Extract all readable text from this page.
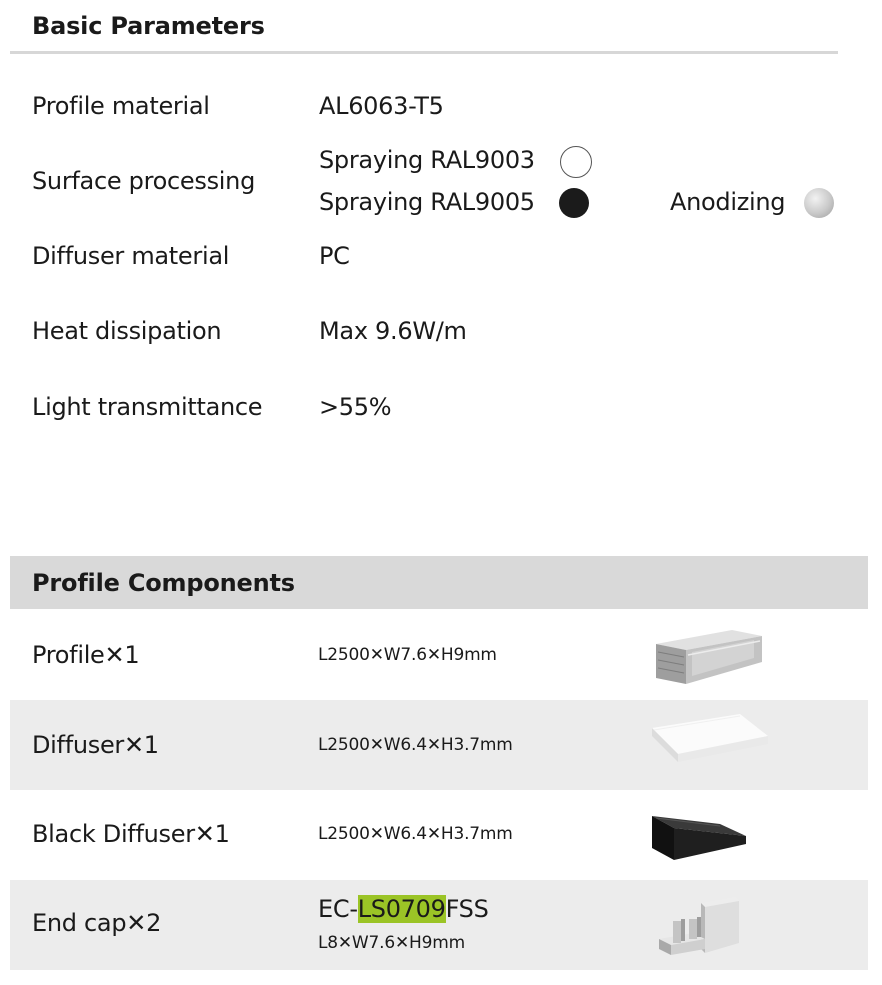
Basic Parameters
Profile material	AL6063-T5
Surface processing
Spraying RAL9003
Spraying RAL9005	Anodizing
Diffuser material	PC
Heat dissipation	Max 9.6W/m
Light transmittance >55%
Profile Components
Profile✕1	L2500✕W7.6✕H9mm
Diffuser✕1	L2500✕W6.4✕H3.7mm
Black Diffuser✕1	L2500✕W6.4✕H3.7mm
End cap✕2	EC-LS0709FSS
L8✕W7.6✕H9mm
